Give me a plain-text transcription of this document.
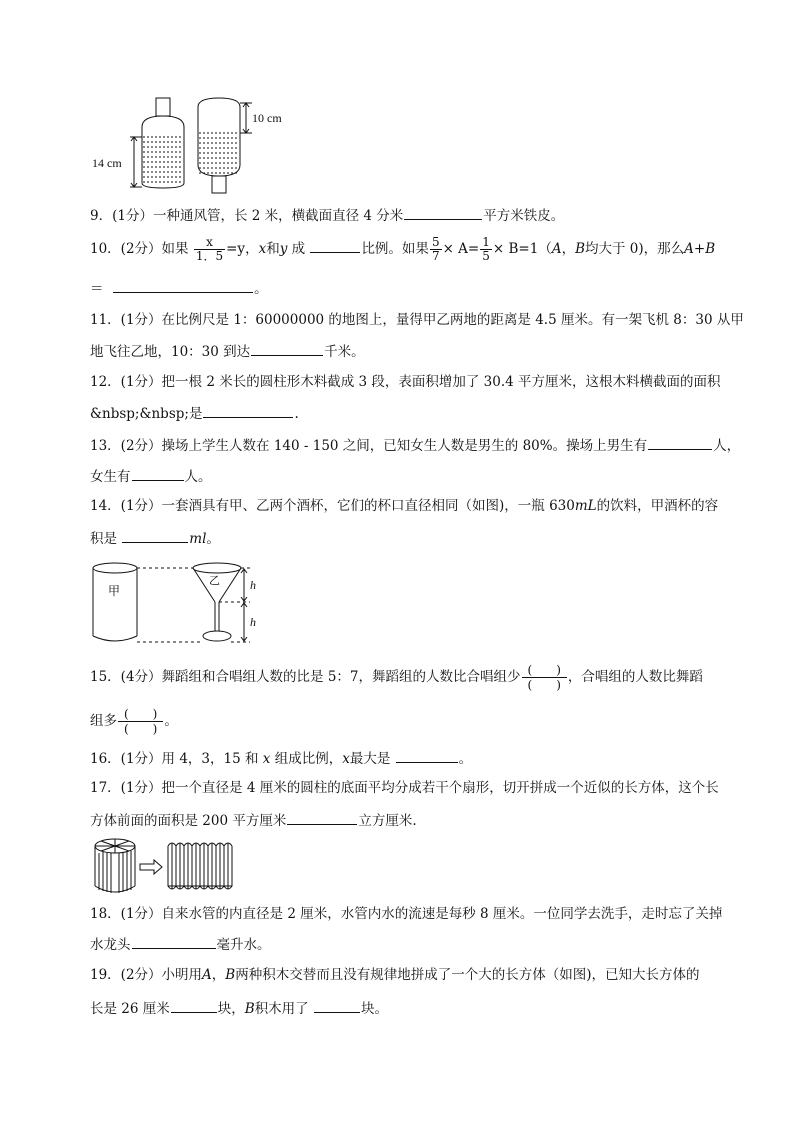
10 cm
14 cm
9．(1分）一种通风管，长 2 米，横截面直径 4 分米	平方米铁皮。
10．(2分）如果 $\frac{x}{1.5} =y$，x和y 成	比例。如果 $\frac{5}{7} \times A= \frac{1}{5} \times B=1(A$，B均大于 0)，那么A+B
＝	。
11．(1分）在比例尺是 1：60000000 的地图上，量得甲乙两地的距离是 4.5 厘米。有一架飞机 8：30 从甲
地飞往乙地，10：30 到达	千米。
12．(1分）把一根 2 米长的圆柱形木料截成 3 段，表面积增加了 30.4 平方厘米，这根木料横截面的面积
&nbsp;&nbsp;是	.
13．(2分）操场上学生人数在 140 - 150 之间，已知女生人数是男生的 80%。操场上男生有	人，
女生有	人。
14．(1分）一套酒具有甲、乙两个酒杯，它们的杯口直径相同（如图)，一瓶 630mL的饮料，甲酒杯的容
积是	ml。
甲
乙	h
h
15．(4分）舞蹈组和合唱组人数的比是 5：7，舞蹈组的人数比合唱组少 (　　)
(　　) ，合唱组的人数比舞蹈
组多 (　　)
(　　) 。
16．(1分）用 4，3，15 和 x 组成比例，x最大是	。
17．(1分）把一个直径是 4 厘米的圆柱的底面平均分成若干个扇形，切开拼成一个近似的长方体，这个长
方体前面的面积是 200 平方厘米	立方厘米.
18．(1分）自来水管的内直径是 2 厘米，水管内水的流速是每秒 8 厘米。一位同学去洗手，走时忘了关掉
水龙头	毫升水。
19．(2分）小明用A，B两种积木交替而且没有规律地拼成了一个大的长方体（如图)，已知大长方体的
长是 26 厘米	块，B积木用了	块。
